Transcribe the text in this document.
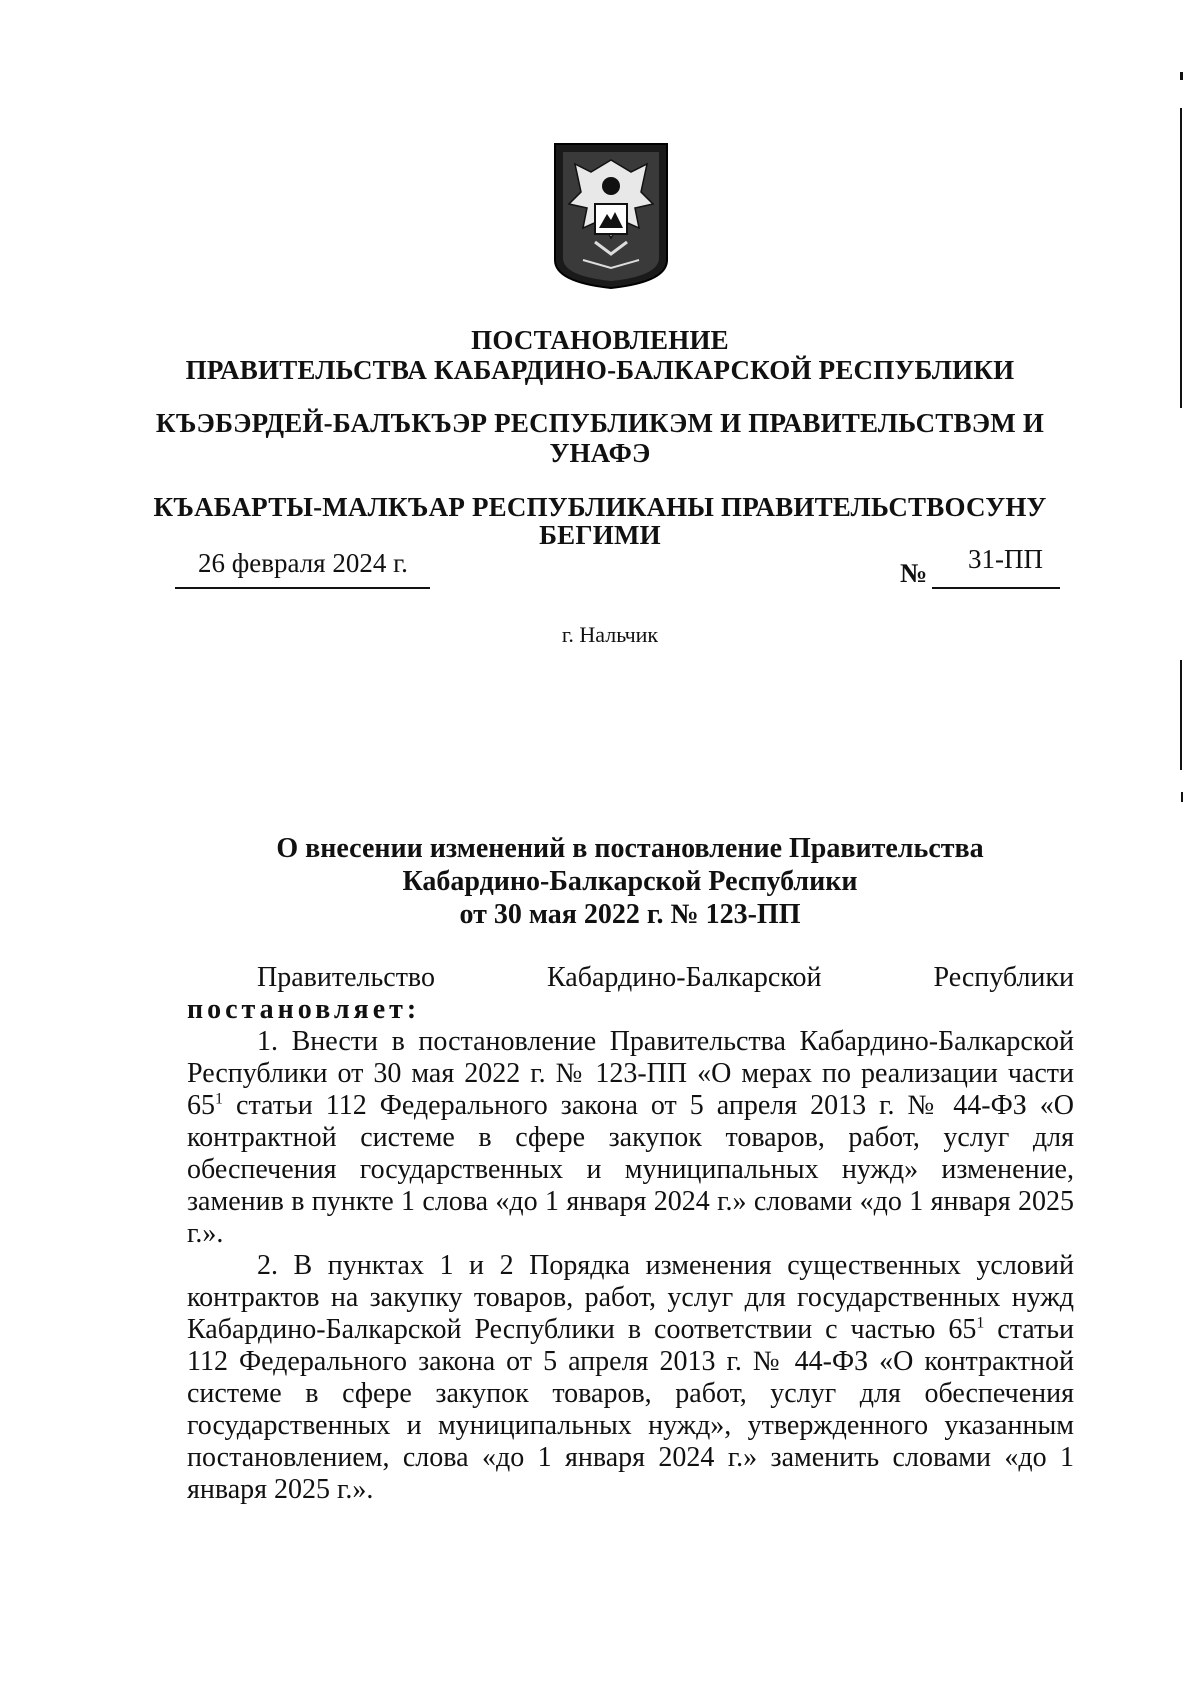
ПОСТАНОВЛЕНИЕ
ПРАВИТЕЛЬСТВА КАБАРДИНО-БАЛКАРСКОЙ РЕСПУБЛИКИ
КЪЭБЭРДЕЙ-БАЛЪКЪЭР РЕСПУБЛИКЭМ И ПРАВИТЕЛЬСТВЭМ И
УНАФЭ
КЪАБАРТЫ-МАЛКЪАР РЕСПУБЛИКАНЫ ПРАВИТЕЛЬСТВОСУНУ
БЕГИМИ
26 февраля 2024 г.	№ 31-ПП
г. Нальчик
О внесении изменений в постановление Правительства
Кабардино-Балкарской Республики
от 30 мая 2022 г. № 123-ПП
Правительство	Кабардино-Балкарской	Республики
постановляет:

1. Внести в постановление Правительства Кабардино-Балкарской Республики от 30 мая 2022 г. № 123-ПП «О мерах по реализации части $65^1$ статьи 112 Федерального закона от 5 апреля 2013 г. № 44-ФЗ «О контрактной системе в сфере закупок товаров, работ, услуг для обеспечения государственных и муниципальных нужд» изменение, заменив в пункте 1 слова «до 1 января 2024 г.» словами «до 1 января 2025 г.».

2. В пунктах 1 и 2 Порядка изменения существенных условий контрактов на закупку товаров, работ, услуг для государственных нужд Кабардино-Балкарской Республики в соответствии с частью $65^1$ статьи 112 Федерального закона от 5 апреля 2013 г. № 44-ФЗ «О контрактной системе в сфере закупок товаров, работ, услуг для обеспечения государственных и муниципальных нужд», утвержденного указанным постановлением, слова «до 1 января 2024 г.» заменить словами «до 1 января 2025 г.».
